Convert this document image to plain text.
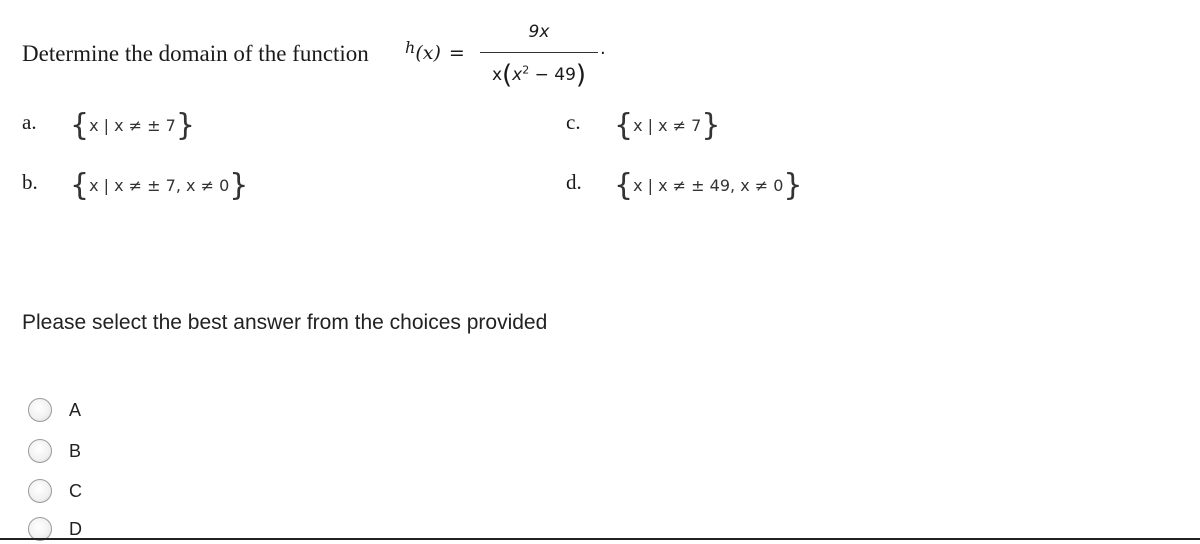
Determine the domain of the function $^h$(x) =
9x
$x(x^2 - 49)$
.
a. {x | x ≠ ± 7}
b. {x | x ≠ ± 7, x ≠ 0}
c. {x | x ≠ 7}
d. {x | x ≠ ± 49, x ≠ 0}
Please select the best answer from the choices provided
A
B
C
D
